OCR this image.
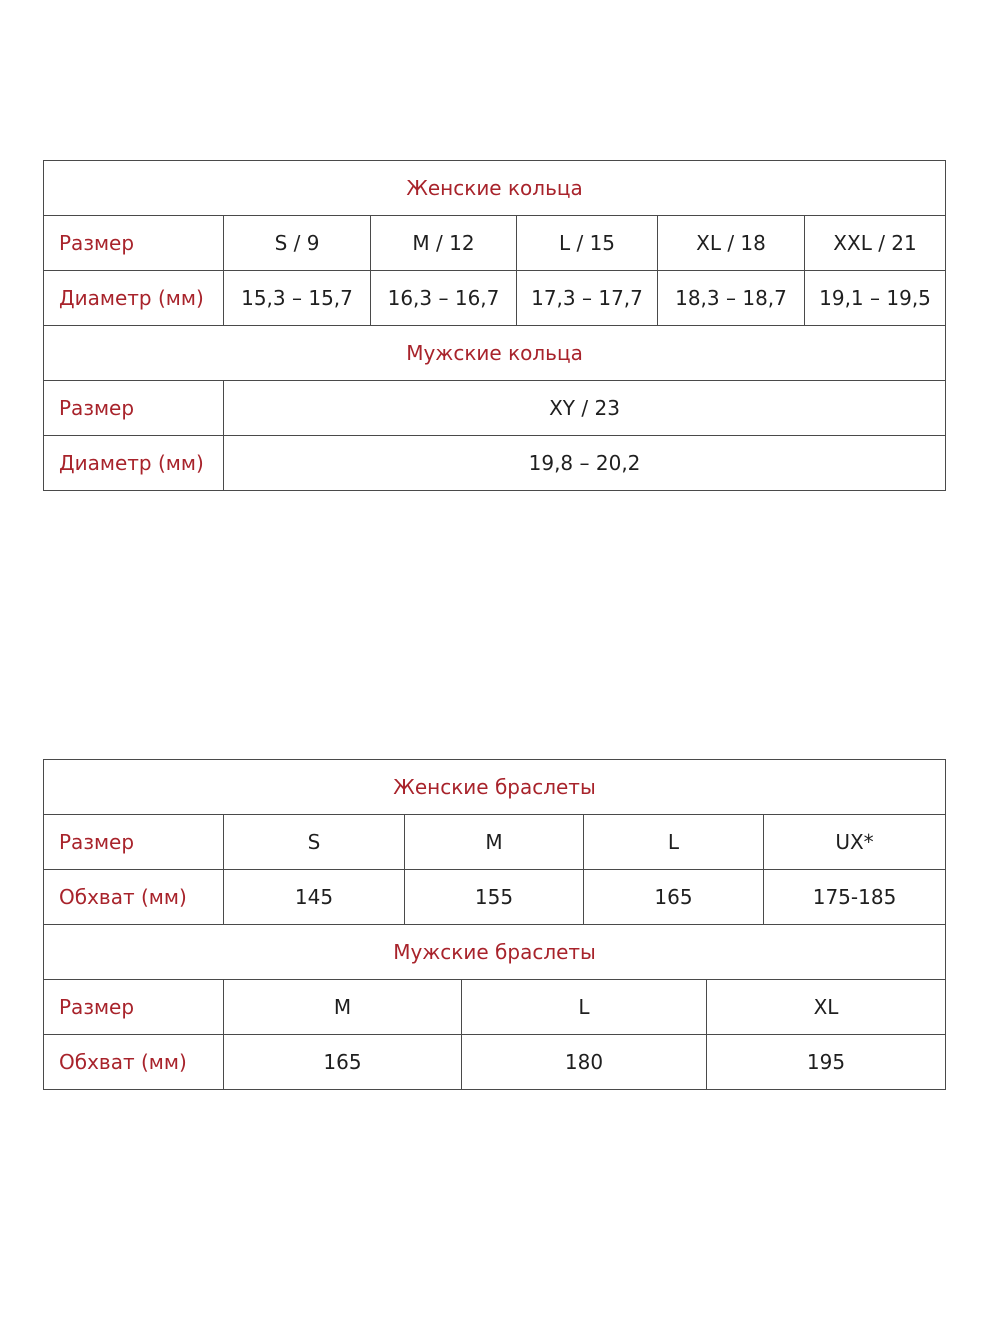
Женские кольца					
Размер	S / 9	M / 12	L / 15	XL / 18	XXL / 21
Диаметр (мм)	15,3 – 15,7	16,3 – 16,7	17,3 – 17,7	18,3 – 18,7	19,1 – 19,5
Мужские кольца					
Размер	XY / 23				
Диаметр (мм)	19,8 – 20,2				
Женские браслеты						
Размер	S	M		L		UX*
Обхват (мм)	145	155		165		175-185
Мужские браслеты						
Размер	M		L		XL	
Обхват (мм)	165		180		195	
